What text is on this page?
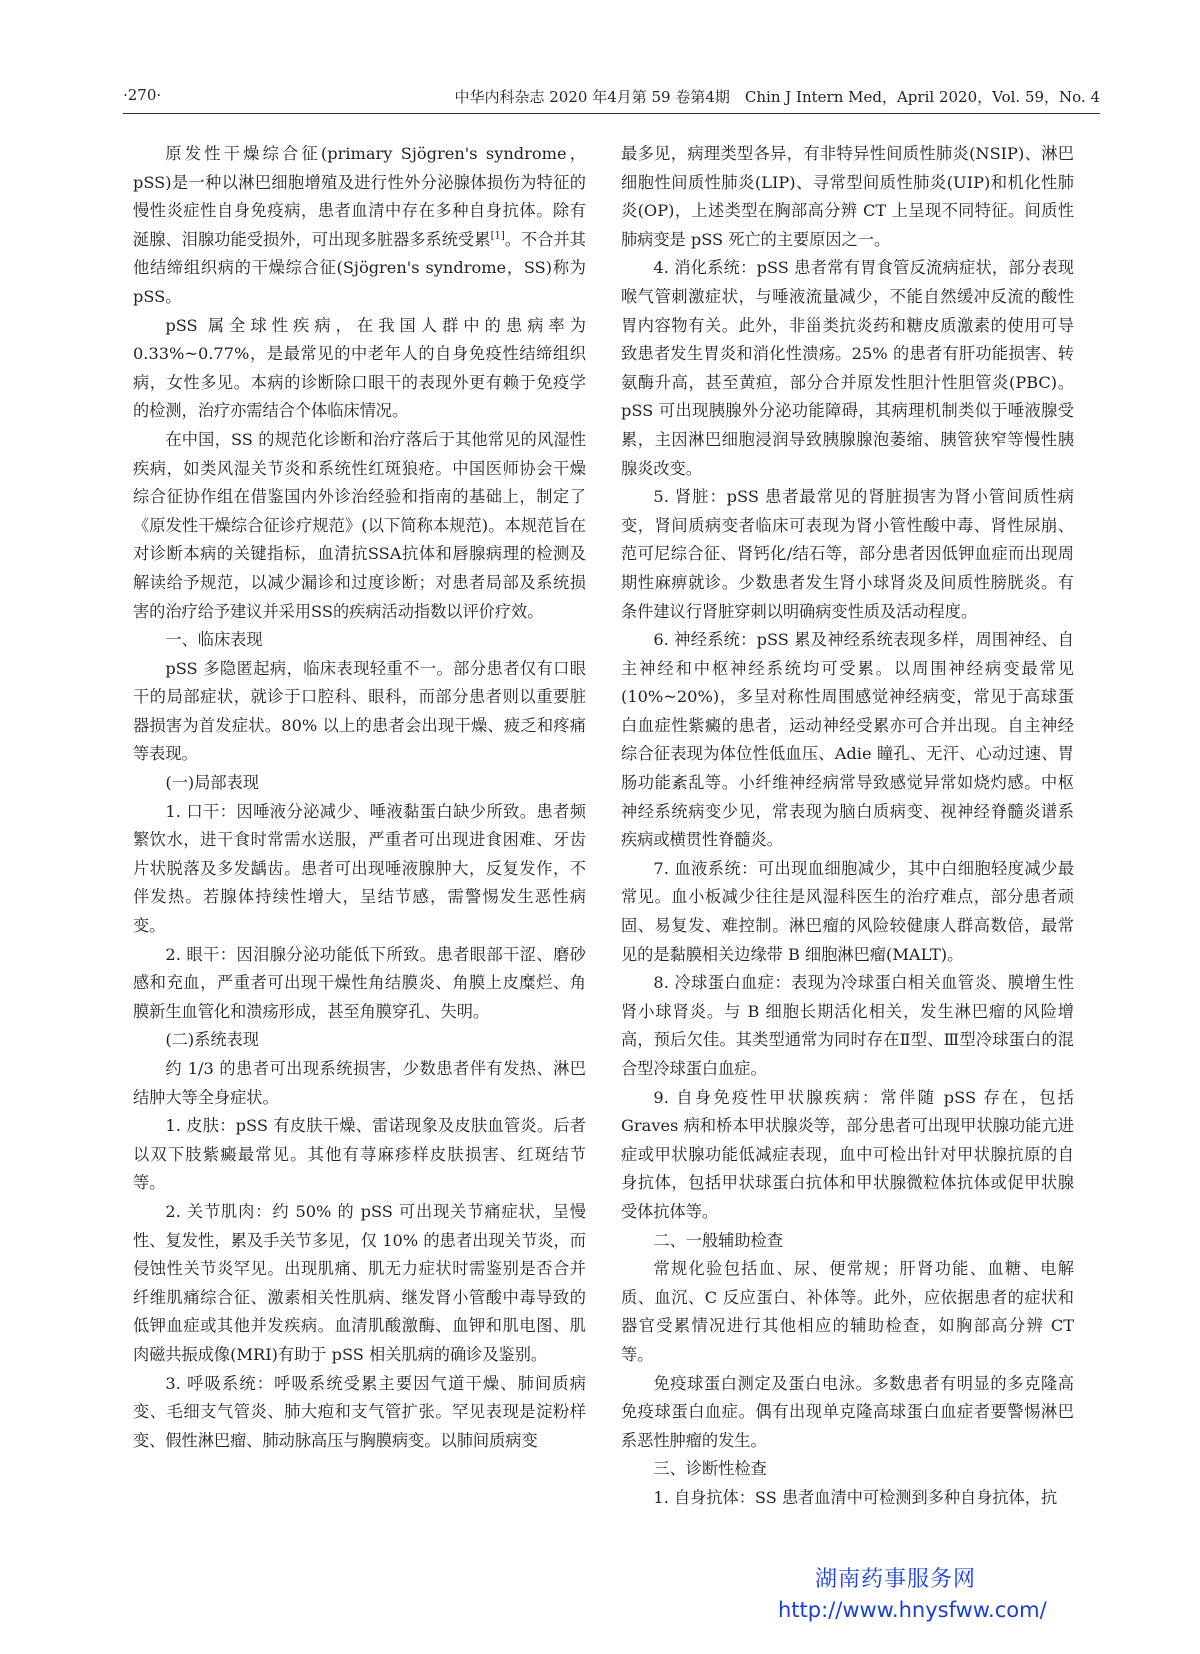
·270·	中华内科杂志 2020 年4月第 59 卷第4期　Chin J Intern Med，April 2020，Vol. 59，No. 4

原发性干燥综合征(primary Sjögren's syndrome，pSS)是一种以淋巴细胞增殖及进行性外分泌腺体损伤为特征的慢性炎症性自身免疫病，患者血清中存在多种自身抗体。除有涎腺、泪腺功能受损外，可出现多脏器多系统受累[1]。不合并其他结缔组织病的干燥综合征(Sjögren's syndrome，SS)称为 pSS。

pSS 属全球性疾病，在我国人群中的患病率为 0.33%~0.77%，是最常见的中老年人的自身免疫性结缔组织病，女性多见。本病的诊断除口眼干的表现外更有赖于免疫学的检测，治疗亦需结合个体临床情况。

在中国，SS 的规范化诊断和治疗落后于其他常见的风湿性疾病，如类风湿关节炎和系统性红斑狼疮。中国医师协会干燥综合征协作组在借鉴国内外诊治经验和指南的基础上，制定了《原发性干燥综合征诊疗规范》(以下简称本规范)。本规范旨在对诊断本病的关键指标，血清抗SSA抗体和唇腺病理的检测及解读给予规范，以减少漏诊和过度诊断；对患者局部及系统损害的治疗给予建议并采用SS的疾病活动指数以评价疗效。

一、临床表现

pSS 多隐匿起病，临床表现轻重不一。部分患者仅有口眼干的局部症状，就诊于口腔科、眼科，而部分患者则以重要脏器损害为首发症状。80% 以上的患者会出现干燥、疲乏和疼痛等表现。

(一)局部表现

1. 口干：因唾液分泌减少、唾液黏蛋白缺少所致。患者频繁饮水，进干食时常需水送服，严重者可出现进食困难、牙齿片状脱落及多发龋齿。患者可出现唾液腺肿大，反复发作，不伴发热。若腺体持续性增大，呈结节感，需警惕发生恶性病变。

2. 眼干：因泪腺分泌功能低下所致。患者眼部干涩、磨砂感和充血，严重者可出现干燥性角结膜炎、角膜上皮糜烂、角膜新生血管化和溃疡形成，甚至角膜穿孔、失明。

(二)系统表现

约 1/3 的患者可出现系统损害，少数患者伴有发热、淋巴结肿大等全身症状。

1. 皮肤：pSS 有皮肤干燥、雷诺现象及皮肤血管炎。后者以双下肢紫癜最常见。其他有荨麻疹样皮肤损害、红斑结节等。

2. 关节肌肉：约 50% 的 pSS 可出现关节痛症状，呈慢性、复发性，累及手关节多见，仅 10% 的患者出现关节炎，而侵蚀性关节炎罕见。出现肌痛、肌无力症状时需鉴别是否合并纤维肌痛综合征、激素相关性肌病、继发肾小管酸中毒导致的低钾血症或其他并发疾病。血清肌酸激酶、血钾和肌电图、肌肉磁共振成像(MRI)有助于 pSS 相关肌病的确诊及鉴别。

3. 呼吸系统：呼吸系统受累主要因气道干燥、肺间质病变、毛细支气管炎、肺大疱和支气管扩张。罕见表现是淀粉样变、假性淋巴瘤、肺动脉高压与胸膜病变。以肺间质病变

最多见，病理类型各异，有非特异性间质性肺炎(NSIP)、淋巴细胞性间质性肺炎(LIP)、寻常型间质性肺炎(UIP)和机化性肺炎(OP)，上述类型在胸部高分辨 CT 上呈现不同特征。间质性肺病变是 pSS 死亡的主要原因之一。

4. 消化系统：pSS 患者常有胃食管反流病症状，部分表现喉气管刺激症状，与唾液流量减少，不能自然缓冲反流的酸性胃内容物有关。此外，非甾类抗炎药和糖皮质激素的使用可导致患者发生胃炎和消化性溃疡。25% 的患者有肝功能损害、转氨酶升高，甚至黄疸，部分合并原发性胆汁性胆管炎(PBC)。pSS 可出现胰腺外分泌功能障碍，其病理机制类似于唾液腺受累，主因淋巴细胞浸润导致胰腺腺泡萎缩、胰管狭窄等慢性胰腺炎改变。

5. 肾脏：pSS 患者最常见的肾脏损害为肾小管间质性病变，肾间质病变者临床可表现为肾小管性酸中毒、肾性尿崩、范可尼综合征、肾钙化/结石等，部分患者因低钾血症而出现周期性麻痹就诊。少数患者发生肾小球肾炎及间质性膀胱炎。有条件建议行肾脏穿刺以明确病变性质及活动程度。

6. 神经系统：pSS 累及神经系统表现多样，周围神经、自主神经和中枢神经系统均可受累。以周围神经病变最常见(10%~20%)，多呈对称性周围感觉神经病变，常见于高球蛋白血症性紫癜的患者，运动神经受累亦可合并出现。自主神经综合征表现为体位性低血压、Adie 瞳孔、无汗、心动过速、胃肠功能紊乱等。小纤维神经病常导致感觉异常如烧灼感。中枢神经系统病变少见，常表现为脑白质病变、视神经脊髓炎谱系疾病或横贯性脊髓炎。

7. 血液系统：可出现血细胞减少，其中白细胞轻度减少最常见。血小板减少往往是风湿科医生的治疗难点，部分患者顽固、易复发、难控制。淋巴瘤的风险较健康人群高数倍，最常见的是黏膜相关边缘带 B 细胞淋巴瘤(MALT)。

8. 冷球蛋白血症：表现为冷球蛋白相关血管炎、膜增生性肾小球肾炎。与 B 细胞长期活化相关，发生淋巴瘤的风险增高，预后欠佳。其类型通常为同时存在Ⅱ型、Ⅲ型冷球蛋白的混合型冷球蛋白血症。

9. 自身免疫性甲状腺疾病：常伴随 pSS 存在，包括 Graves 病和桥本甲状腺炎等，部分患者可出现甲状腺功能亢进症或甲状腺功能低减症表现，血中可检出针对甲状腺抗原的自身抗体，包括甲状球蛋白抗体和甲状腺微粒体抗体或促甲状腺受体抗体等。

二、一般辅助检查

常规化验包括血、尿、便常规；肝肾功能、血糖、电解质、血沉、C 反应蛋白、补体等。此外，应依据患者的症状和器官受累情况进行其他相应的辅助检查，如胸部高分辨 CT 等。

免疫球蛋白测定及蛋白电泳。多数患者有明显的多克隆高免疫球蛋白血症。偶有出现单克隆高球蛋白血症者要警惕淋巴系恶性肿瘤的发生。

三、诊断性检查

1. 自身抗体：SS 患者血清中可检测到多种自身抗体，抗

湖南药事服务网
http://www.hnysfww.com/
